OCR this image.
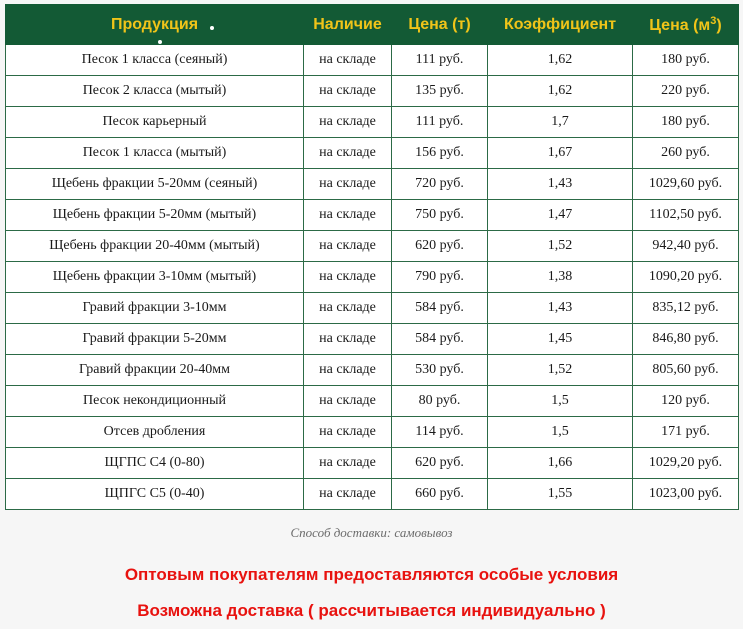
Продукция	Наличие	Цена (т)	Коэффициент	Цена $(м^3)$
Песок 1 класса (сеяный)	на складе	111 руб.	1,62	180 руб.
Песок 2 класса (мытый)	на складе	135 руб.	1,62	220 руб.
Песок карьерный	на складе	111 руб.	1,7	180 руб.
Песок 1 класса (мытый)	на складе	156 руб.	1,67	260 руб.
Щебень фракции 5-20мм (сеяный)	на складе	720 руб.	1,43	1029,60 руб.
Щебень фракции 5-20мм (мытый)	на складе	750 руб.	1,47	1102,50 руб.
Щебень фракции 20-40мм (мытый)	на складе	620 руб.	1,52	942,40 руб.
Щебень фракции 3-10мм (мытый)	на складе	790 руб.	1,38	1090,20 руб.
Гравий фракции 3-10мм	на складе	584 руб.	1,43	835,12 руб.
Гравий фракции 5-20мм	на складе	584 руб.	1,45	846,80 руб.
Гравий фракции 20-40мм	на складе	530 руб.	1,52	805,60 руб.
Песок некондиционный	на складе	80 руб.	1,5	120 руб.
Отсев дробления	на складе	114 руб.	1,5	171 руб.
ЩГПС С4 (0-80)	на складе	620 руб.	1,66	1029,20 руб.
ЩПГС С5 (0-40)	на складе	660 руб.	1,55	1023,00 руб.
Способ доставки: самовывоз
Оптовым покупателям предоставляются особые условия
Возможна доставка ( рассчитывается индивидуально )
